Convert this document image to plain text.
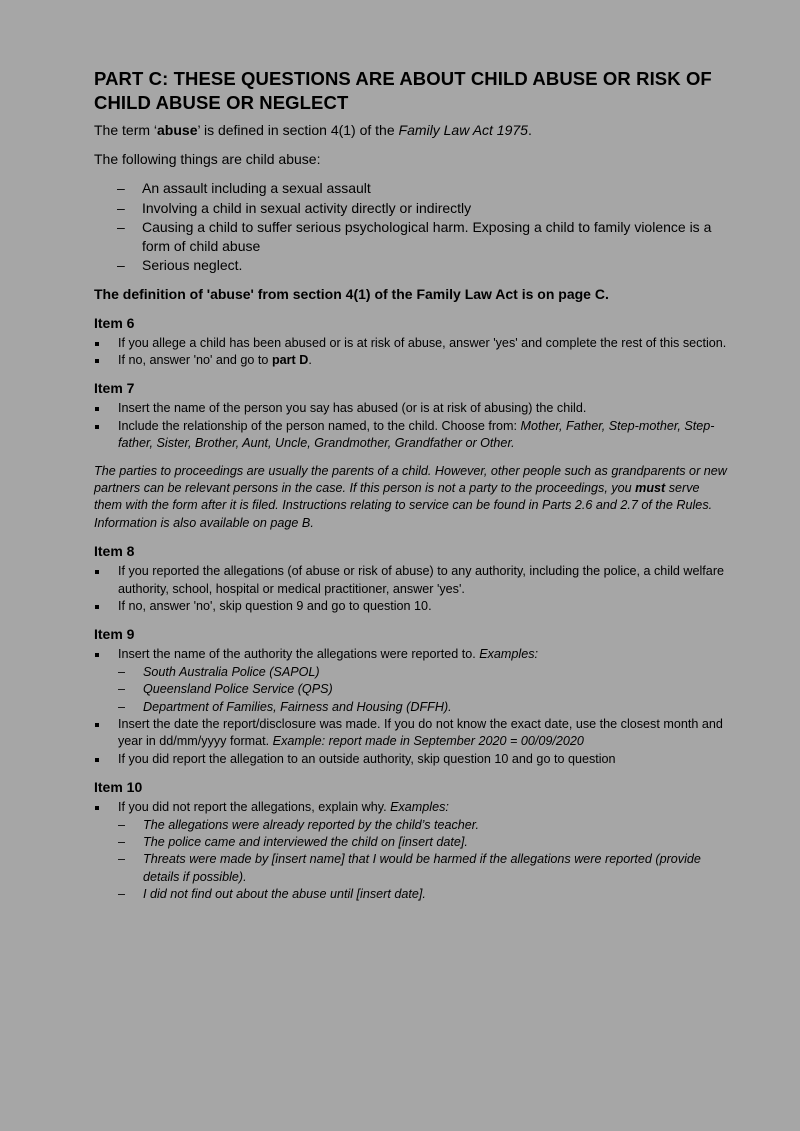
PART C: THESE QUESTIONS ARE ABOUT CHILD ABUSE OR RISK OF CHILD ABUSE OR NEGLECT

The term ‘abuse’ is defined in section 4(1) of the Family Law Act 1975.

The following things are child abuse:

– An assault including a sexual assault
– Involving a child in sexual activity directly or indirectly
– Causing a child to suffer serious psychological harm. Exposing a child to family violence is a form of child abuse
– Serious neglect.

The definition of 'abuse' from section 4(1) of the Family Law Act is on page C.

Item 6
If you allege a child has been abused or is at risk of abuse, answer 'yes' and complete the rest of this section.
If no, answer 'no' and go to part D.
Item 7
Insert the name of the person you say has abused (or is at risk of abusing) the child.
Include the relationship of the person named, to the child. Choose from: Mother, Father, Step-mother, Step-father, Sister, Brother, Aunt, Uncle, Grandmother, Grandfather or Other.

The parties to proceedings are usually the parents of a child. However, other people such as grandparents or new partners can be relevant persons in the case. If this person is not a party to the proceedings, you must serve them with the form after it is filed. Instructions relating to service can be found in Parts 2.6 and 2.7 of the Rules. Information is also available on page B.

Item 8
If you reported the allegations (of abuse or risk of abuse) to any authority, including the police, a child welfare authority, school, hospital or medical practitioner, answer 'yes'.
If no, answer 'no', skip question 9 and go to question 10.
Item 9
Insert the name of the authority the allegations were reported to. Examples:
– South Australia Police (SAPOL)
– Queensland Police Service (QPS)
– Department of Families, Fairness and Housing (DFFH).
Insert the date the report/disclosure was made. If you do not know the exact date, use the closest month and year in dd/mm/yyyy format. Example: report made in September 2020 = 00/09/2020
If you did report the allegation to an outside authority, skip question 10 and go to question
Item 10
If you did not report the allegations, explain why. Examples:
– The allegations were already reported by the child’s teacher.
– The police came and interviewed the child on [insert date].
– Threats were made by [insert name] that I would be harmed if the allegations were reported (provide details if possible).
– I did not find out about the abuse until [insert date].
